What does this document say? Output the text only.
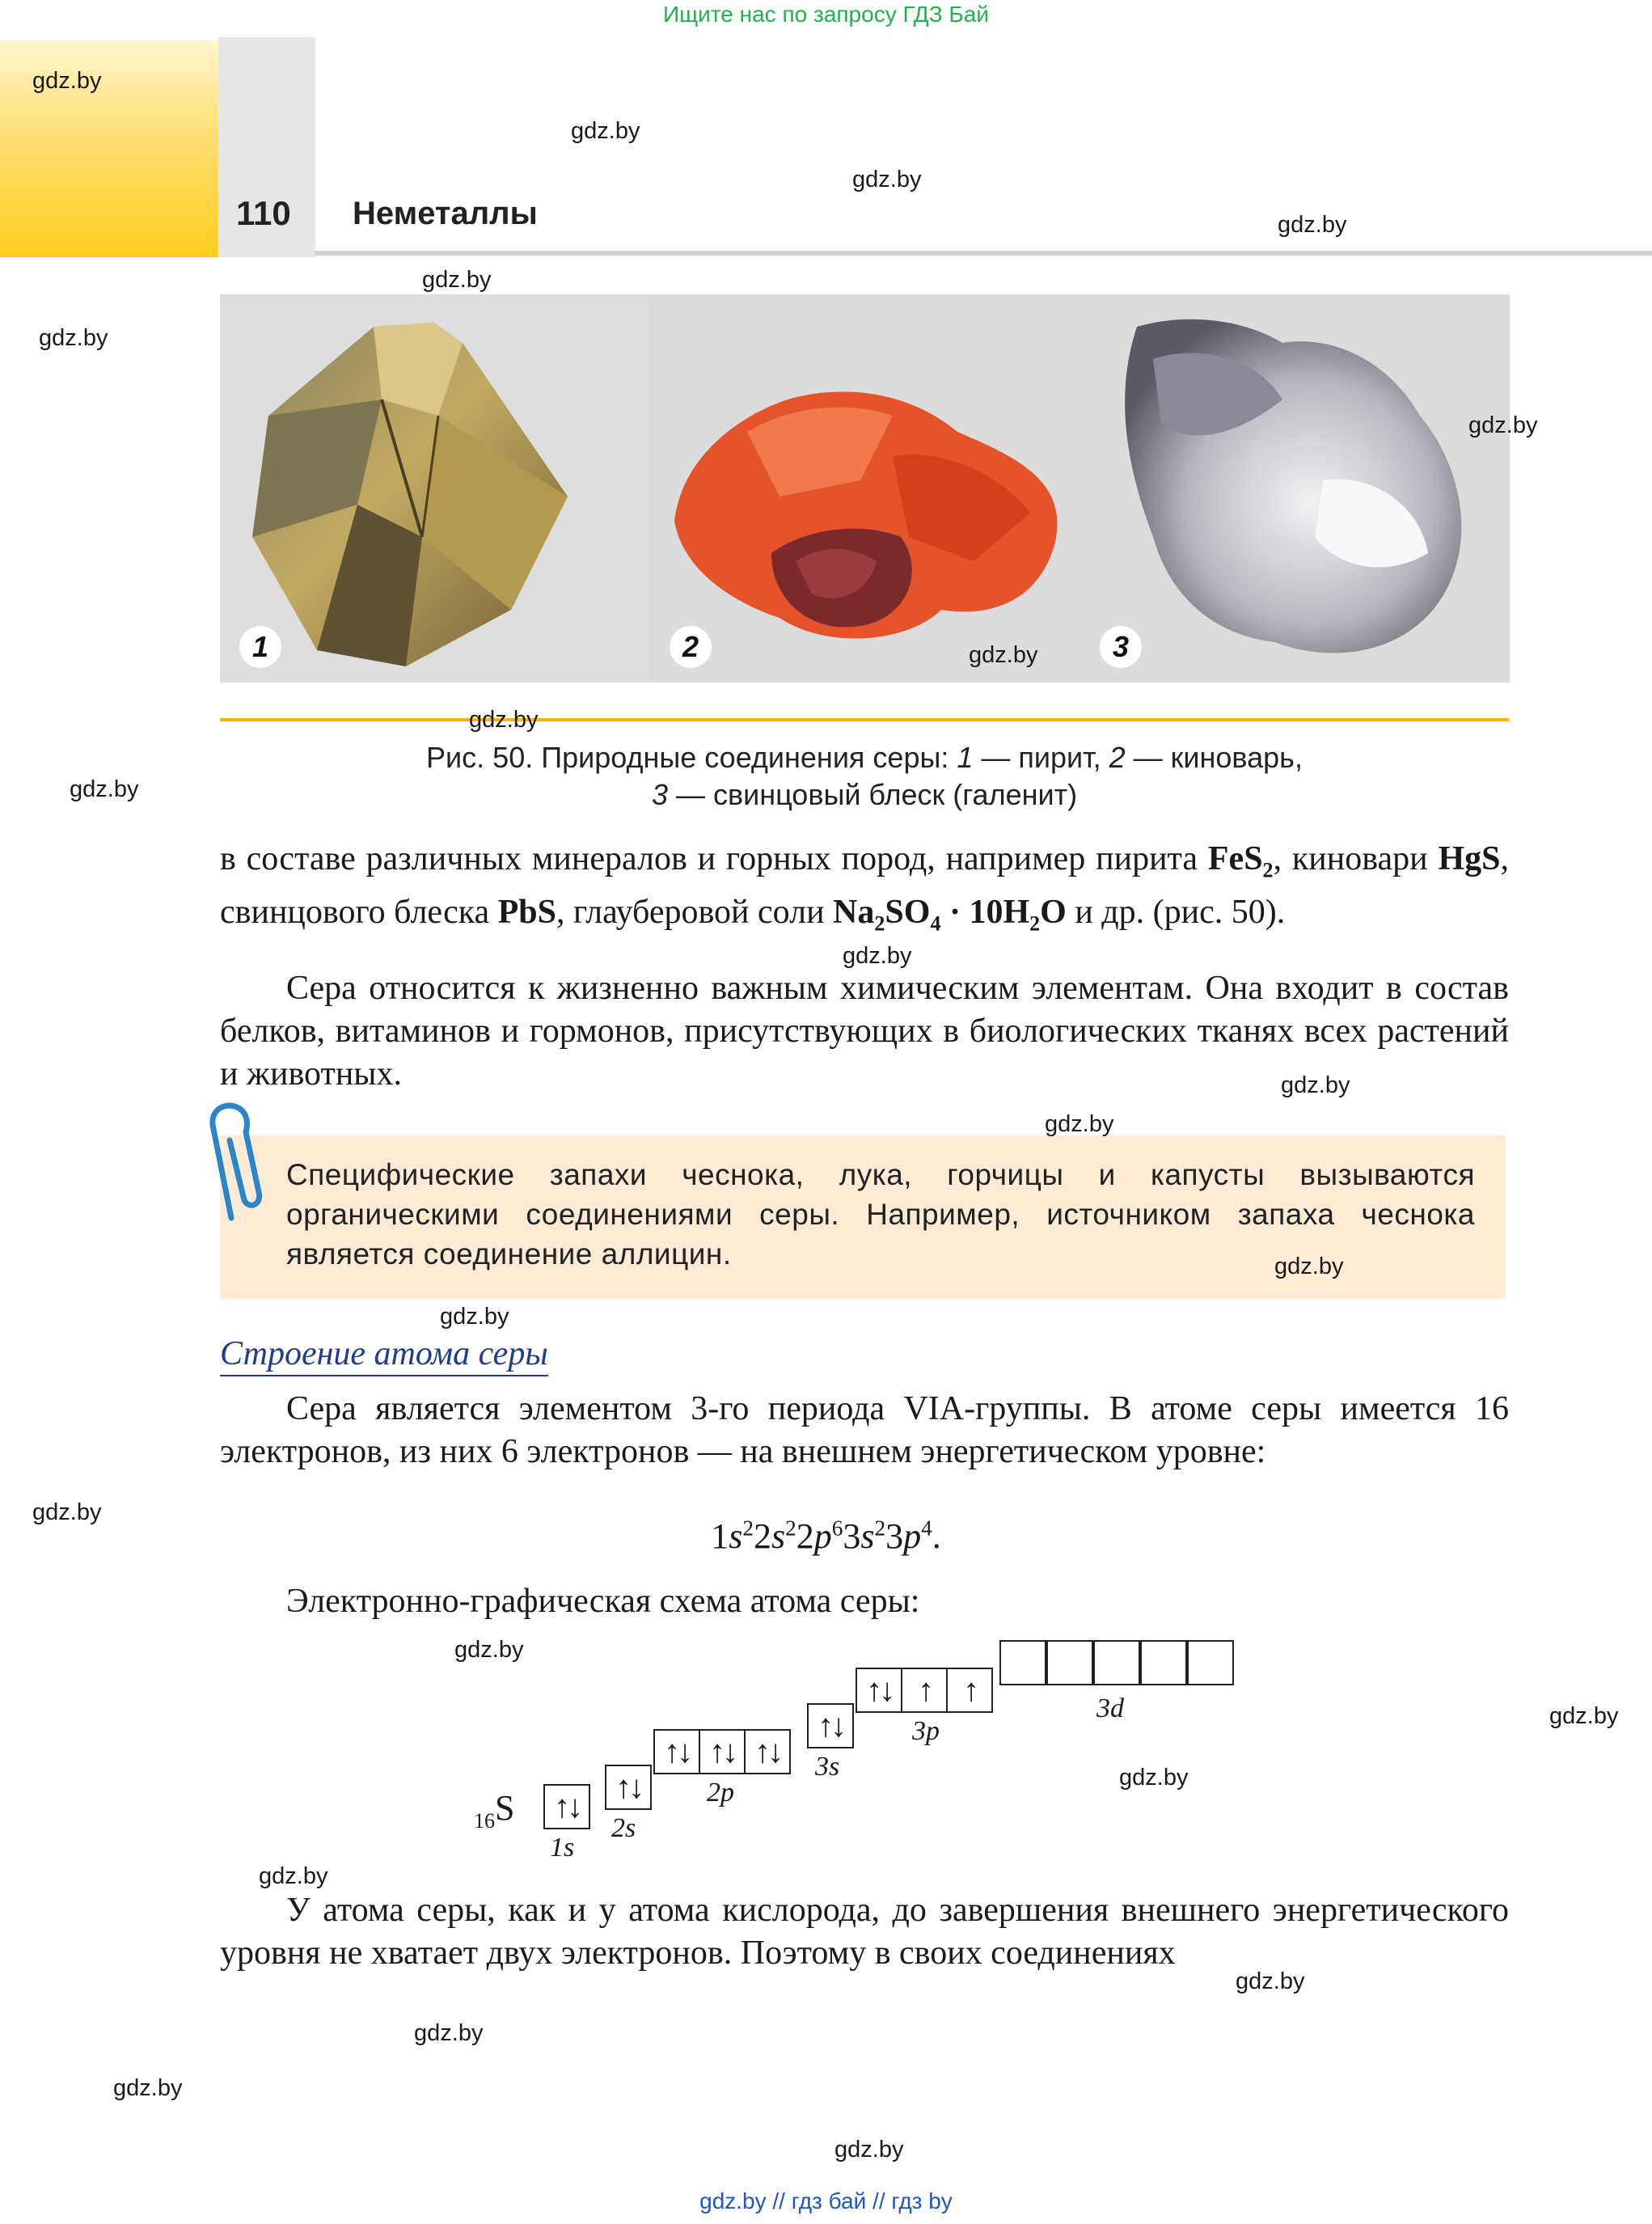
Ищите нас по запросу ГДЗ Бай
110 Неметаллы
1	2	3
Рис. 50. Природные соединения серы: 1 — пирит, 2 — киноварь,
3 — свинцовый блеск (галенит)
в составе различных минералов и горных пород, например пирита FeS$_2$, киновари HgS, свинцового блеска PbS, глауберовой соли $Na_2SO_4 \cdot 10H_2O$ и др. (рис. 50).
Сера относится к жизненно важным химическим элементам. Она входит в состав белков, витаминов и гормонов, присутствующих в биологических тканях всех растений и животных.
Специфические запахи чеснока, лука, горчицы и капусты вызываются органическими соединениями серы. Например, источником запаха чеснока является соединение аллицин.
Строение атома серы
Сера является элементом 3-го периода VIA-группы. В атоме серы имеется 16 электронов, из них 6 электронов — на внешнем энергетическом уровне:
$1s^22s^22p^63s^23p^4$.
Электронно-графическая схема атома серы:
$_{16}$S	↑↓
1s
↑↓
2s
↑↓ ↑↓ ↑↓
2p
↑↓
3s
↑↓ ↑	↑
3p
3d
У атома серы, как и у атома кислорода, до завершения внешнего энергетического уровня не хватает двух электронов. Поэтому в своих соединениях
gdz.by
gdz.by
gdz.by
gdz.by
gdz.by
gdz.by
gdz.by
gdz.by
gdz.by
gdz.by
gdz.by
gdz.by
gdz.by
gdz.by
gdz.by
gdz.by
gdz.by
gdz.by
gdz.by
gdz.by
gdz.by
gdz.by
gdz.by
gdz.by
gdz.by // гдз бай // гдз by
